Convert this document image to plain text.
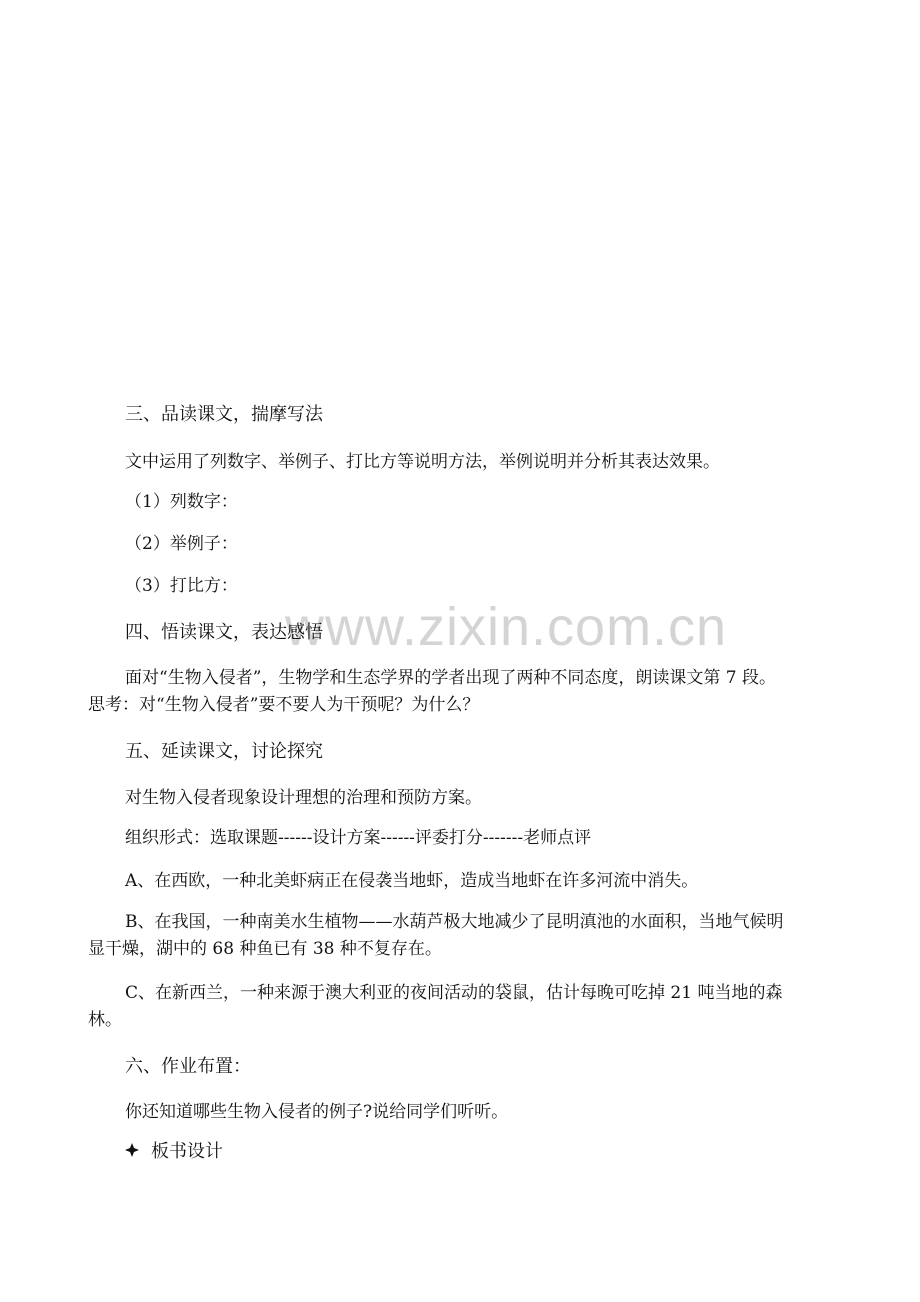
www.zixin.com.cn
三、品读课文，揣摩写法
文中运用了列数字、举例子、打比方等说明方法，举例说明并分析其表达效果。
（1）列数字：
（2）举例子：
（3）打比方：
四、悟读课文，表达感悟
面对“生物入侵者”，生物学和生态学界的学者出现了两种不同态度，朗读课文第 7 段。
思考：对“生物入侵者”要不要人为干预呢？为什么？
五、延读课文，讨论探究
对生物入侵者现象设计理想的治理和预防方案。
组织形式：选取课题------设计方案------评委打分-------老师点评
A、在西欧，一种北美虾病正在侵袭当地虾，造成当地虾在许多河流中消失。
B、在我国，一种南美水生植物——水葫芦极大地减少了昆明滇池的水面积，当地气候明
显干燥，湖中的 68 种鱼已有 38 种不复存在。
C、在新西兰，一种来源于澳大利亚的夜间活动的袋鼠，估计每晚可吃掉 21 吨当地的森
林。
六、作业布置：
你还知道哪些生物入侵者的例子?说给同学们听听。
板书设计
